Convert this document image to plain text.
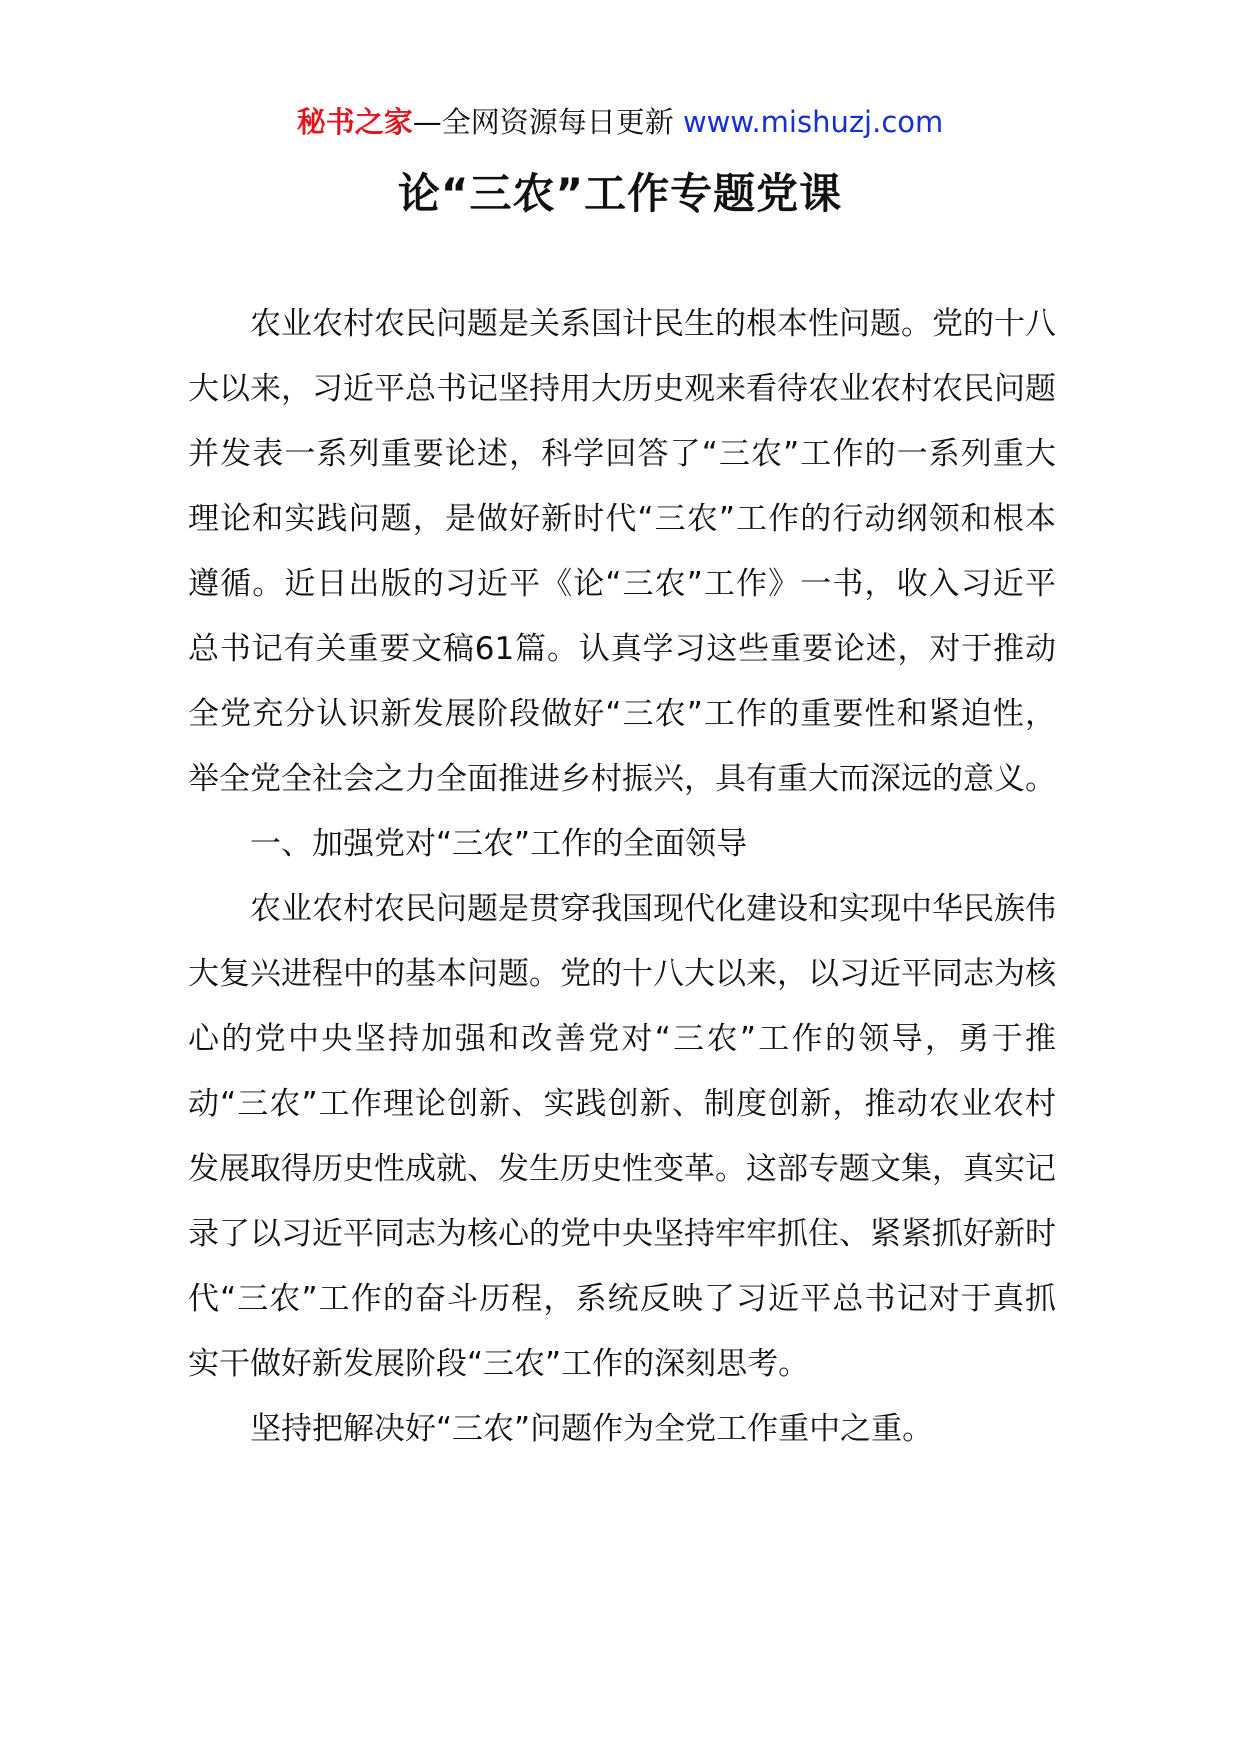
秘书之家—全网资源每日更新 www.mishuzj.com
论“三农”工作专题党课

农业农村农民问题是关系国计民生的根本性问题。党的十八大以来，习近平总书记坚持用大历史观来看待农业农村农民问题并发表一系列重要论述，科学回答了“三农”工作的一系列重大理论和实践问题，是做好新时代“三农”工作的行动纲领和根本遵循。近日出版的习近平《论“三农”工作》一书，收入习近平总书记有关重要文稿61篇。认真学习这些重要论述，对于推动全党充分认识新发展阶段做好“三农”工作的重要性和紧迫性，举全党全社会之力全面推进乡村振兴，具有重大而深远的意义。

一、加强党对“三农”工作的全面领导

农业农村农民问题是贯穿我国现代化建设和实现中华民族伟大复兴进程中的基本问题。党的十八大以来，以习近平同志为核心的党中央坚持加强和改善党对“三农”工作的领导，勇于推动“三农”工作理论创新、实践创新、制度创新，推动农业农村发展取得历史性成就、发生历史性变革。这部专题文集，真实记录了以习近平同志为核心的党中央坚持牢牢抓住、紧紧抓好新时代“三农”工作的奋斗历程，系统反映了习近平总书记对于真抓实干做好新发展阶段“三农”工作的深刻思考。

坚持把解决好“三农”问题作为全党工作重中之重。
